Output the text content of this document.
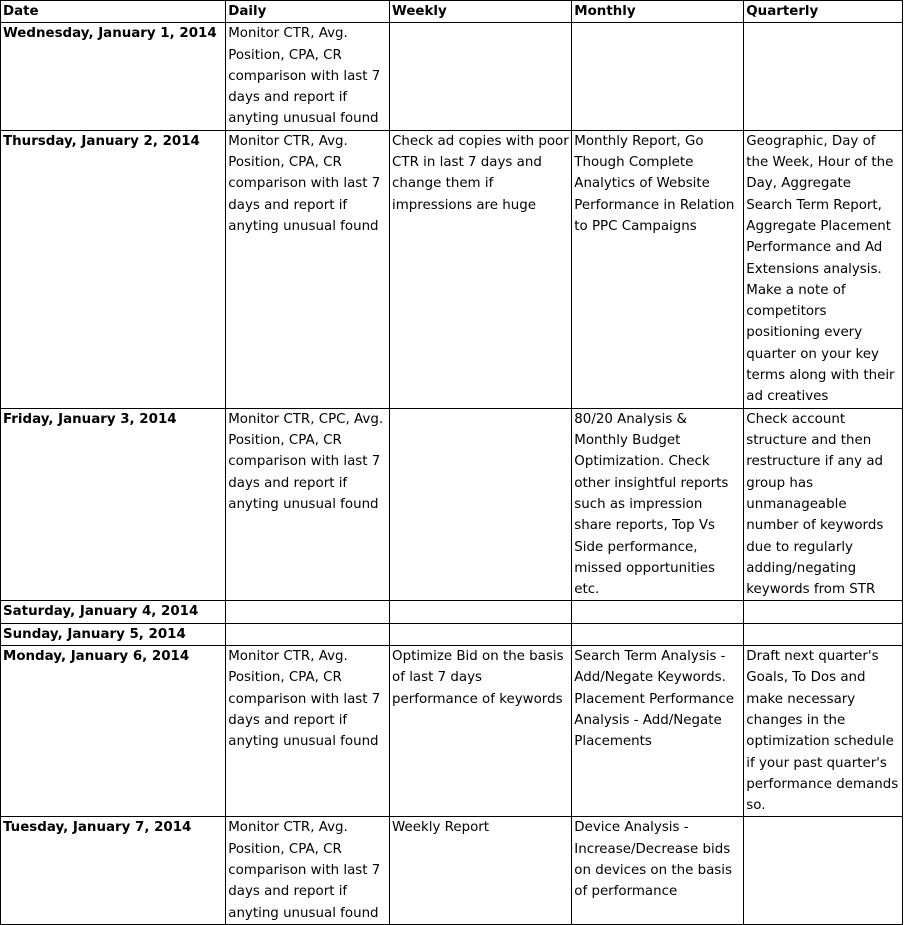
Date	Daily	Weekly	Monthly	Quarterly
Wednesday, January 1, 2014	Monitor CTR, Avg. Position, CPA, CR comparison with last 7 days and report if anyting unusual found			
Thursday, January 2, 2014	Monitor CTR, Avg. Position, CPA, CR comparison with last 7 days and report if anyting unusual found	Check ad copies with poor CTR in last 7 days and change them if impressions are huge	Monthly Report, Go Though Complete Analytics of Website Performance in Relation to PPC Campaigns	Geographic, Day of the Week, Hour of the Day, Aggregate Search Term Report, Aggregate Placement Performance and Ad Extensions analysis. Make a note of competitors positioning every quarter on your key terms along with their ad creatives
Friday, January 3, 2014	Monitor CTR, CPC, Avg. Position, CPA, CR comparison with last 7 days and report if anyting unusual found		80/20 Analysis & Monthly Budget Optimization. Check other insightful reports such as impression share reports, Top Vs Side performance, missed opportunities etc.	Check account structure and then restructure if any ad group has unmanageable number of keywords due to regularly adding/negating keywords from STR
Saturday, January 4, 2014				
Sunday, January 5, 2014				
Monday, January 6, 2014	Monitor CTR, Avg. Position, CPA, CR comparison with last 7 days and report if anyting unusual found	Optimize Bid on the basis of last 7 days performance of keywords	Search Term Analysis - Add/Negate Keywords. Placement Performance Analysis - Add/Negate Placements	Draft next quarter's Goals, To Dos and make necessary changes in the optimization schedule if your past quarter's performance demands so.
Tuesday, January 7, 2014	Monitor CTR, Avg. Position, CPA, CR comparison with last 7 days and report if anyting unusual found	Weekly Report	Device Analysis - Increase/Decrease bids on devices on the basis of performance	
